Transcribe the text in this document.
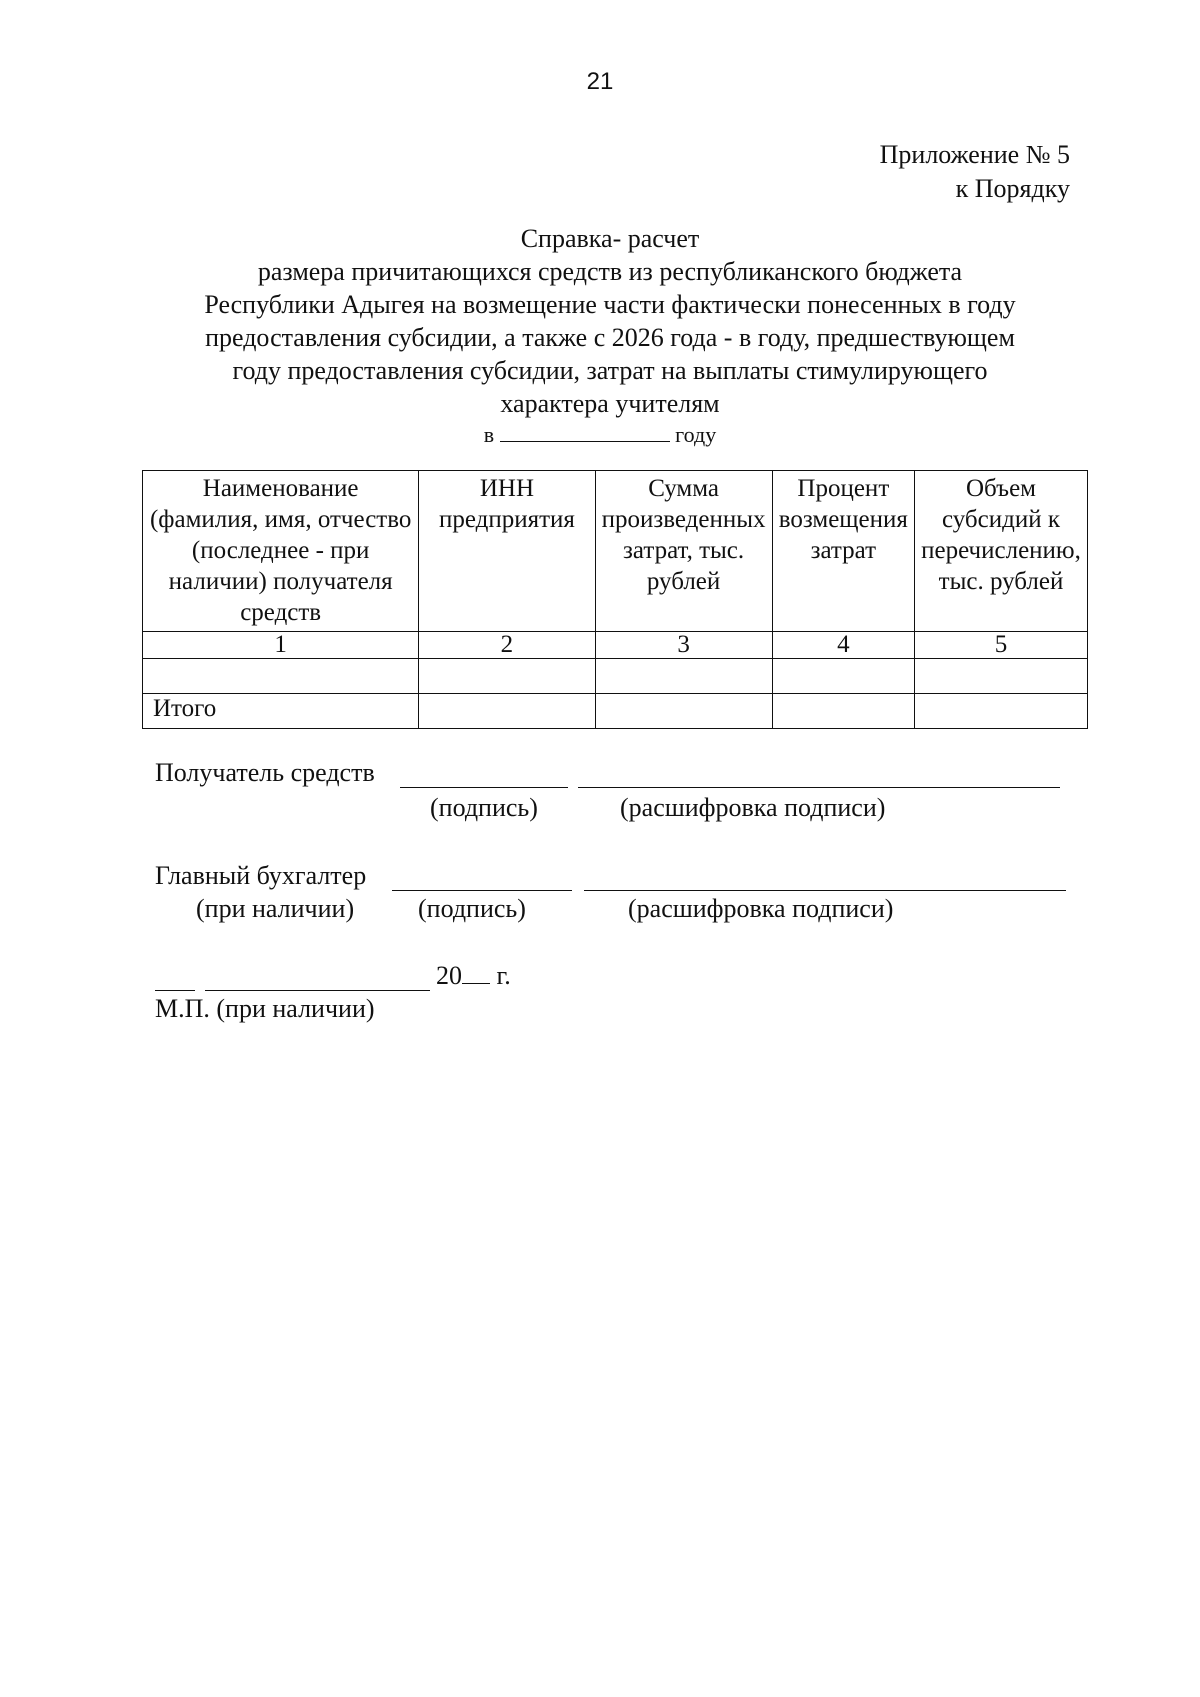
21
Приложение № 5
к Порядку
Справка- расчет
размера причитающихся средств из республиканского бюджета
Республики Адыгея на возмещение части фактически понесенных в году
предоставления субсидии, а также с 2026 года - в году, предшествующем
году предоставления субсидии, затрат на выплаты стимулирующего
характера учителям
в	году
Наименование (фамилия, имя, отчество (последнее - при наличии) получателя средств	ИНН предприятия	Сумма произведенных затрат, тыс. рублей	Процент возмещения затрат	Объем субсидий к перечислению, тыс. рублей
1	2	3	4	5

Итого				
Получатель средств
(подпись)	(расшифровка подписи)
Главный бухгалтер
(при наличии) (подпись)	(расшифровка подписи)
20 г.
М.П. (при наличии)
